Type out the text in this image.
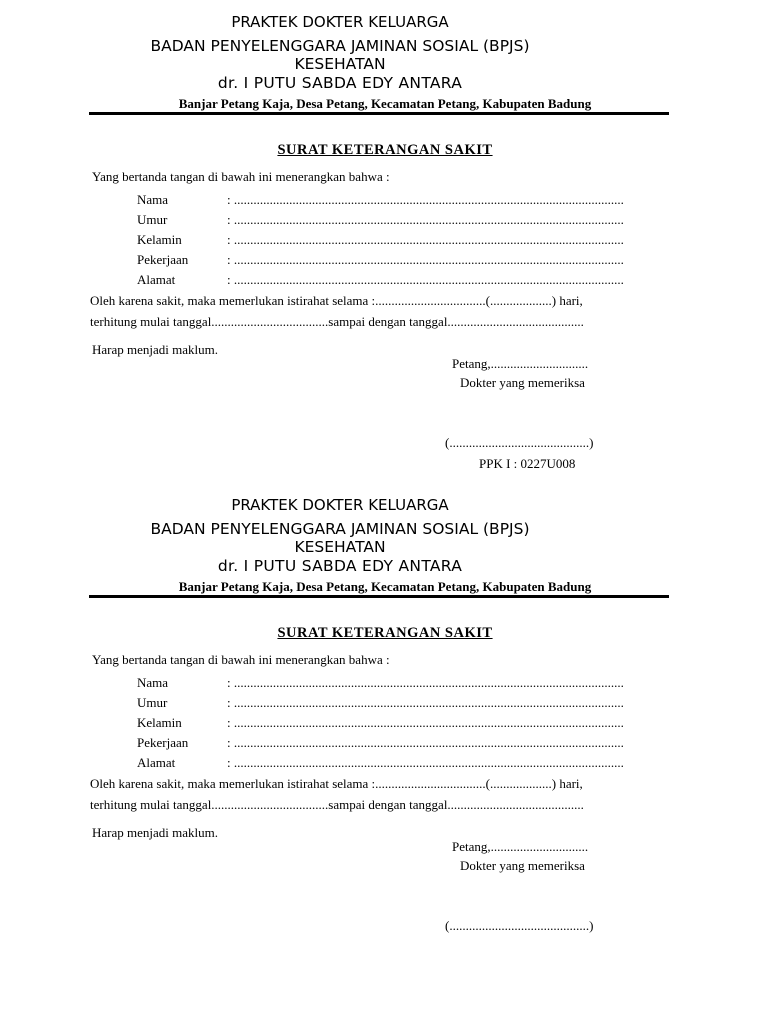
PRAKTEK DOKTER KELUARGA
BADAN PENYELENGGARA JAMINAN SOSIAL (BPJS)
KESEHATAN
dr. I PUTU SABDA EDY ANTARA
Banjar Petang Kaja, Desa Petang, Kecamatan Petang, Kabupaten Badung
SURAT KETERANGAN SAKIT
Yang bertanda tangan di bawah ini menerangkan bahwa :
Nama	: ........................................................................................................................
Umur	: ........................................................................................................................
Kelamin	: ........................................................................................................................
Pekerjaan	: ........................................................................................................................
Alamat	: ........................................................................................................................
Oleh karena sakit, maka memerlukan istirahat selama :..................................(...................) hari,
terhitung mulai tanggal....................................sampai dengan tanggal..........................................
Harap menjadi maklum.
Petang,..............................
Dokter yang memeriksa
(...........................................)
PPK I : 0227U008
PRAKTEK DOKTER KELUARGA
BADAN PENYELENGGARA JAMINAN SOSIAL (BPJS)
KESEHATAN
dr. I PUTU SABDA EDY ANTARA
Banjar Petang Kaja, Desa Petang, Kecamatan Petang, Kabupaten Badung
SURAT KETERANGAN SAKIT
Yang bertanda tangan di bawah ini menerangkan bahwa :
Nama	: ........................................................................................................................
Umur	: ........................................................................................................................
Kelamin	: ........................................................................................................................
Pekerjaan	: ........................................................................................................................
Alamat	: ........................................................................................................................
Oleh karena sakit, maka memerlukan istirahat selama :..................................(...................) hari,
terhitung mulai tanggal....................................sampai dengan tanggal..........................................
Harap menjadi maklum.
Petang,..............................
Dokter yang memeriksa
(...........................................)
